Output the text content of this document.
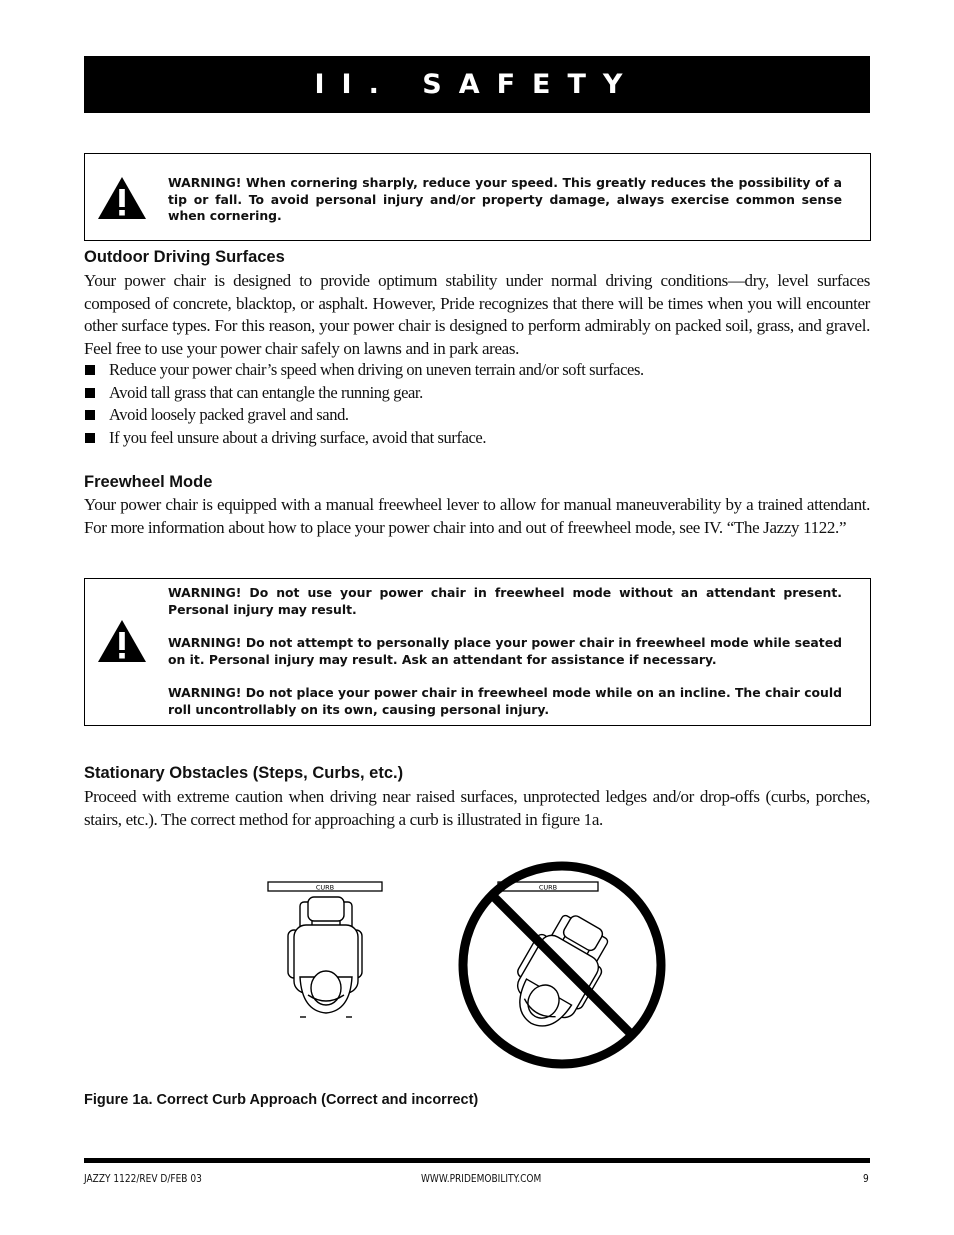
II. SAFETY

WARNING! When cornering sharply, reduce your speed. This greatly reduces the possibility of a tip or fall. To avoid personal injury and/or property damage, always exercise common sense when cornering.

Outdoor Driving Surfaces

Your power chair is designed to provide optimum stability under normal driving conditions—dry, level surfaces composed of concrete, blacktop, or asphalt. However, Pride recognizes that there will be times when you will encounter other surface types. For this reason, your power chair is designed to perform admirably on packed soil, grass, and gravel. Feel free to use your power chair safely on lawns and in park areas.

Reduce your power chair’s speed when driving on uneven terrain and/or soft surfaces.
Avoid tall grass that can entangle the running gear.
Avoid loosely packed gravel and sand.
If you feel unsure about a driving surface, avoid that surface.
Freewheel Mode

Your power chair is equipped with a manual freewheel lever to allow for manual maneuverability by a trained attendant. For more information about how to place your power chair into and out of freewheel mode, see IV. “The Jazzy 1122.”

WARNING! Do not use your power chair in freewheel mode without an attendant present. Personal injury may result.

WARNING! Do not attempt to personally place your power chair in freewheel mode while seated on it. Personal injury may result. Ask an attendant for assistance if necessary.

WARNING! Do not place your power chair in freewheel mode while on an incline. The chair could roll uncontrollably on its own, causing personal injury.

Stationary Obstacles (Steps, Curbs, etc.)

Proceed with extreme caution when driving near raised surfaces, unprotected ledges and/or drop-offs (curbs, porches, stairs, etc.). The correct method for approaching a curb is illustrated in figure 1a.

CURB	CURB
Figure 1a. Correct Curb Approach (Correct and incorrect)
JAZZY 1122/REV D/FEB 03	WWW.PRIDEMOBILITY.COM	9
